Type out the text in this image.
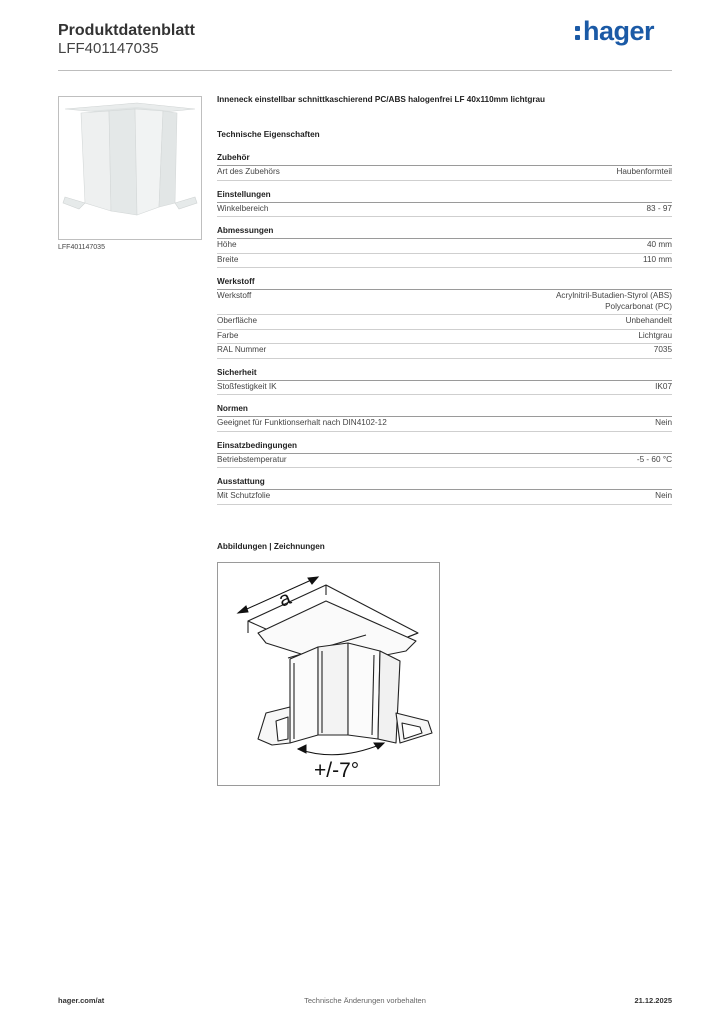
Produktdatenblatt
LFF401147035
hager
LFF401147035
Inneneck einstellbar schnittkaschierend PC/ABS halogenfrei LF 40x110mm lichtgrau
Technische Eigenschaften
Zubehör
Art des Zubehörs	Haubenformteil
Einstellungen
Winkelbereich	83 - 97
Abmessungen
Höhe	40 mm
Breite	110 mm
Werkstoff
Werkstoff	Acrylnitril-Butadien-Styrol (ABS)
Polycarbonat (PC)
Oberfläche	Unbehandelt
Farbe	Lichtgrau
RAL Nummer	7035
Sicherheit
Stoßfestigkeit IK	IK07
Normen
Geeignet für Funktionserhalt nach DIN4102-12	Nein
Einsatzbedingungen
Betriebstemperatur	-5 - 60 °C
Ausstattung
Mit Schutzfolie	Nein
Abbildungen | Zeichnungen
a
+/-7°
hager.com/at	Technische Änderungen vorbehalten	21.12.2025
